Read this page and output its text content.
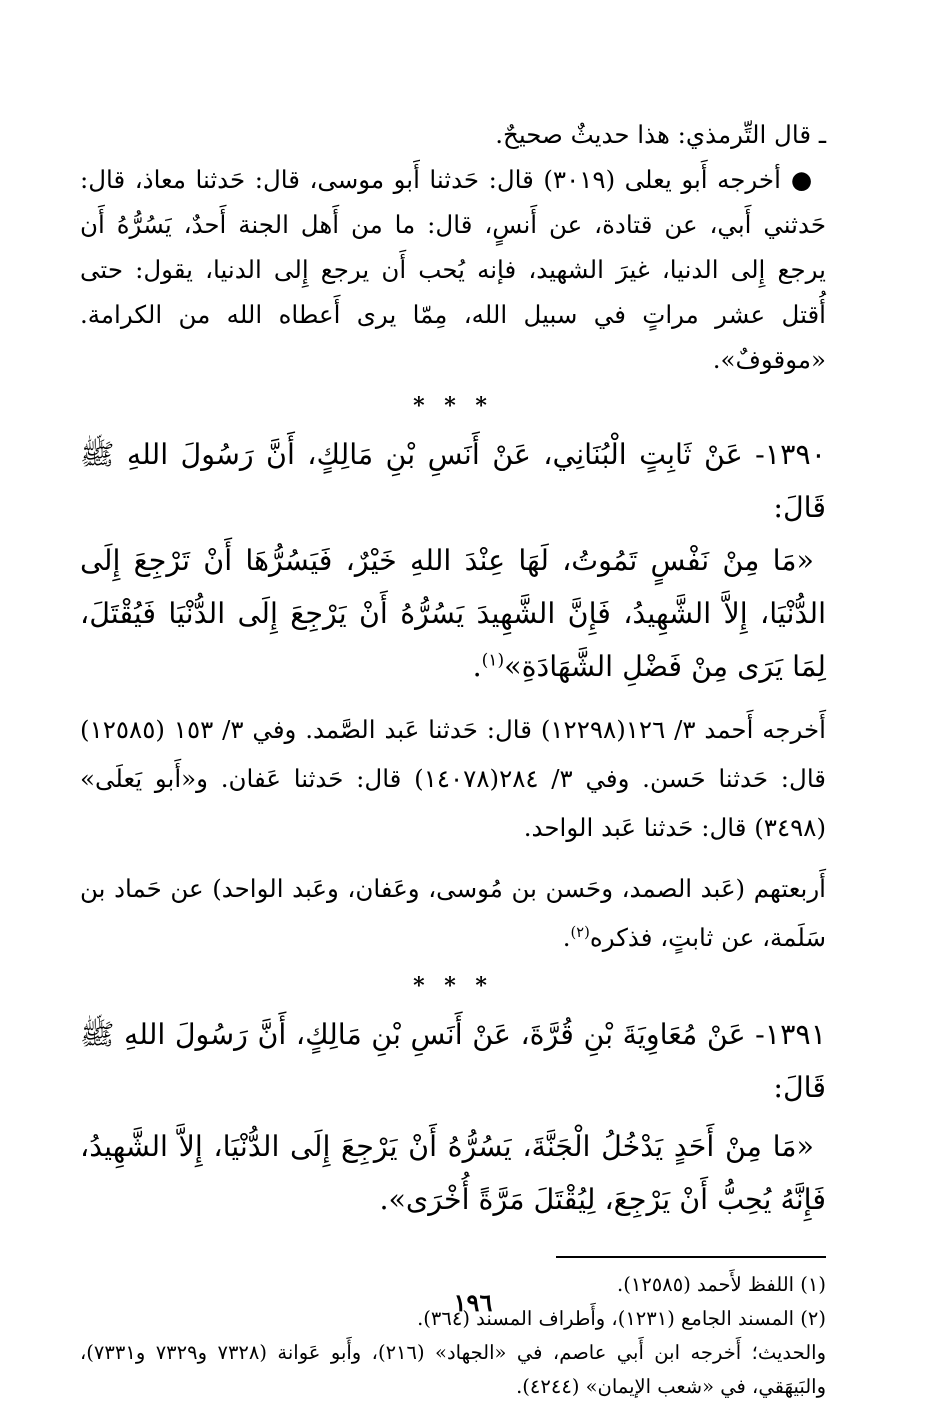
ـ قال التِّرمذي: هذا حديثٌ صحيحٌ.

●أخرجه أَبو يعلى (٣٠١٩) قال: حَدثنا أَبو موسى، قال: حَدثنا معاذ، قال: حَدثني أَبي، عن قتادة، عن أَنسٍ، قال: ما من أَهل الجنة أَحدٌ، يَسُرُّهُ أَن يرجع إِلى الدنيا، غيرَ الشهيد، فإنه يُحب أَن يرجع إِلى الدنيا، يقول: حتى أُقتل عشر مراتٍ في سبيل الله، مِمّا يرى أَعطاه الله من الكرامة. «موقوفٌ».

* * *

١٣٩٠- عَنْ ثَابِتٍ الْبُنَانِي، عَنْ أَنَسِ بْنِ مَالِكٍ، أَنَّ رَسُولَ اللهِ ﷺ قَالَ:

«مَا مِنْ نَفْسٍ تَمُوتُ، لَهَا عِنْدَ اللهِ خَيْرٌ، فَيَسُرُّهَا أَنْ تَرْجِعَ إِلَى الدُّنْيَا، إِلاَّ الشَّهِيدُ، فَإِنَّ الشَّهِيدَ يَسُرُّهُ أَنْ يَرْجِعَ إِلَى الدُّنْيَا فَيُقْتَلَ، لِمَا يَرَى مِنْ فَضْلِ الشَّهَادَةِ»$^{(١)}$.

أَخرجه أَحمد ٣/ ١٢٦(١٢٢٩٨) قال: حَدثنا عَبد الصَّمد. وفي ٣/ ١٥٣ (١٢٥٨٥) قال: حَدثنا حَسن. وفي ٣/ ٢٨٤(١٤٠٧٨) قال: حَدثنا عَفان. و«أَبو يَعلَى» (٣٤٩٨) قال: حَدثنا عَبد الواحد.

أَربعتهم (عَبد الصمد، وحَسن بن مُوسى، وعَفان، وعَبد الواحد) عن حَماد بن سَلَمة، عن ثابتٍ، فذكره$^{(٢)}$.

* * *

١٣٩١- عَنْ مُعَاوِيَةَ بْنِ قُرَّةَ، عَنْ أَنَسِ بْنِ مَالِكٍ، أَنَّ رَسُولَ اللهِ ﷺ قَالَ:

«مَا مِنْ أَحَدٍ يَدْخُلُ الْجَنَّةَ، يَسُرُّهُ أَنْ يَرْجِعَ إِلَى الدُّنْيَا، إِلاَّ الشَّهِيدُ، فَإِنَّهُ يُحِبُّ أَنْ يَرْجِعَ، لِيُقْتَلَ مَرَّةً أُخْرَى».

(١) اللفظ لأَحمد (١٢٥٨٥).

(٢) المسند الجامع (١٢٣١)، وأَطراف المسند (٣٦٤).

والحديث؛ أَخرجه ابن أَبي عاصم، في «الجهاد» (٢١٦)، وأَبو عَوانة (٧٣٢٨ و٧٣٢٩ و٧٣٣١)، والبَيهَقي، في «شعب الإيمان» (٤٢٤٤).

١٩٦
